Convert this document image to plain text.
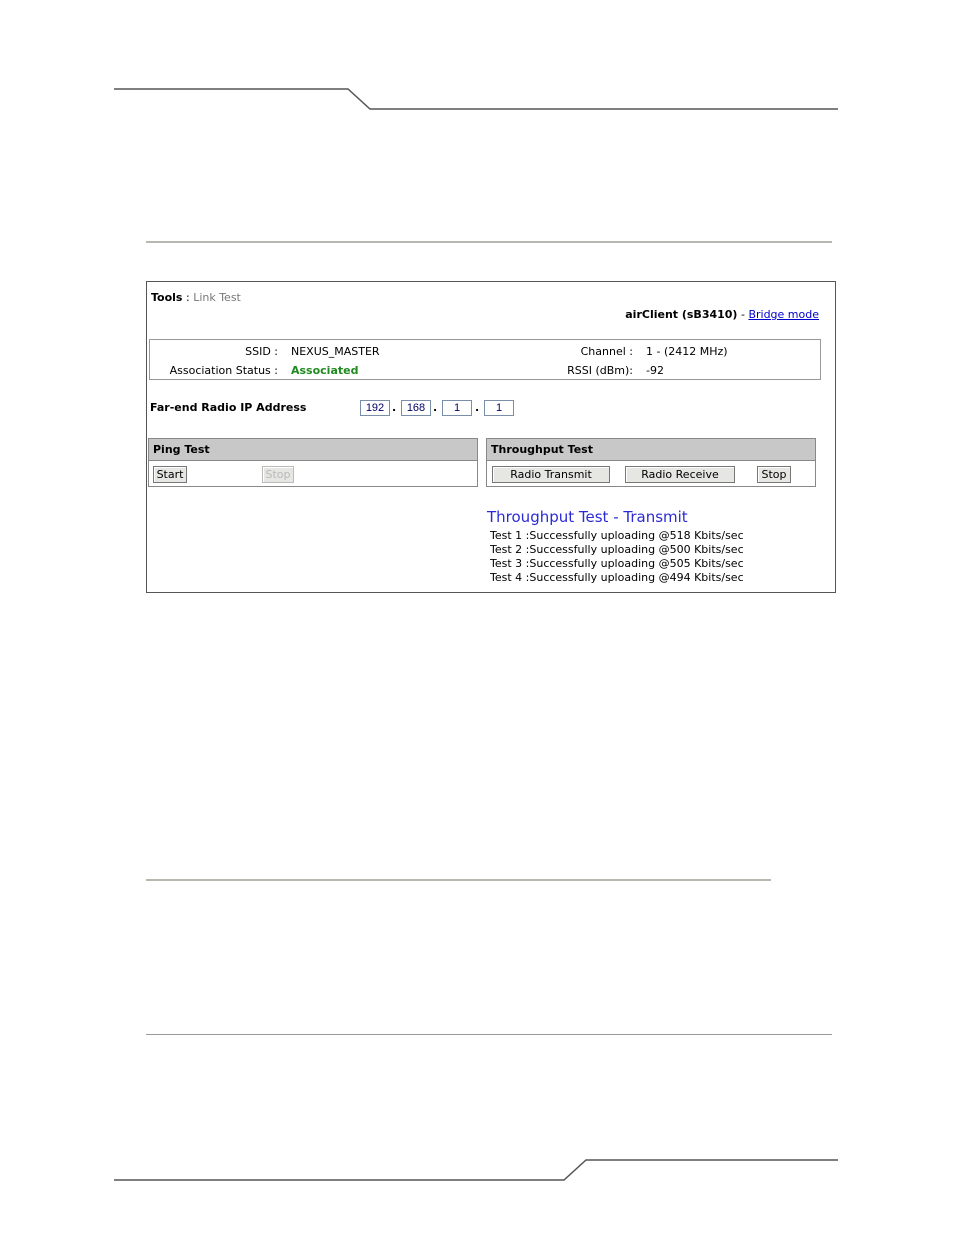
Tools : Link Test
airClient (sB3410) - Bridge mode
SSID : NEXUS_MASTER
Association Status : Associated
Channel : 1 - (2412 MHz)
RSSI (dBm): -92
Far-end Radio IP Address
192	.
168	.
1	.
1
Ping Test
Start	Stop
Throughput Test
Radio Transmit	Radio Receive	Stop
Throughput Test - Transmit
Test 1 :Successfully uploading @518 Kbits/sec
Test 2 :Successfully uploading @500 Kbits/sec
Test 3 :Successfully uploading @505 Kbits/sec
Test 4 :Successfully uploading @494 Kbits/sec
